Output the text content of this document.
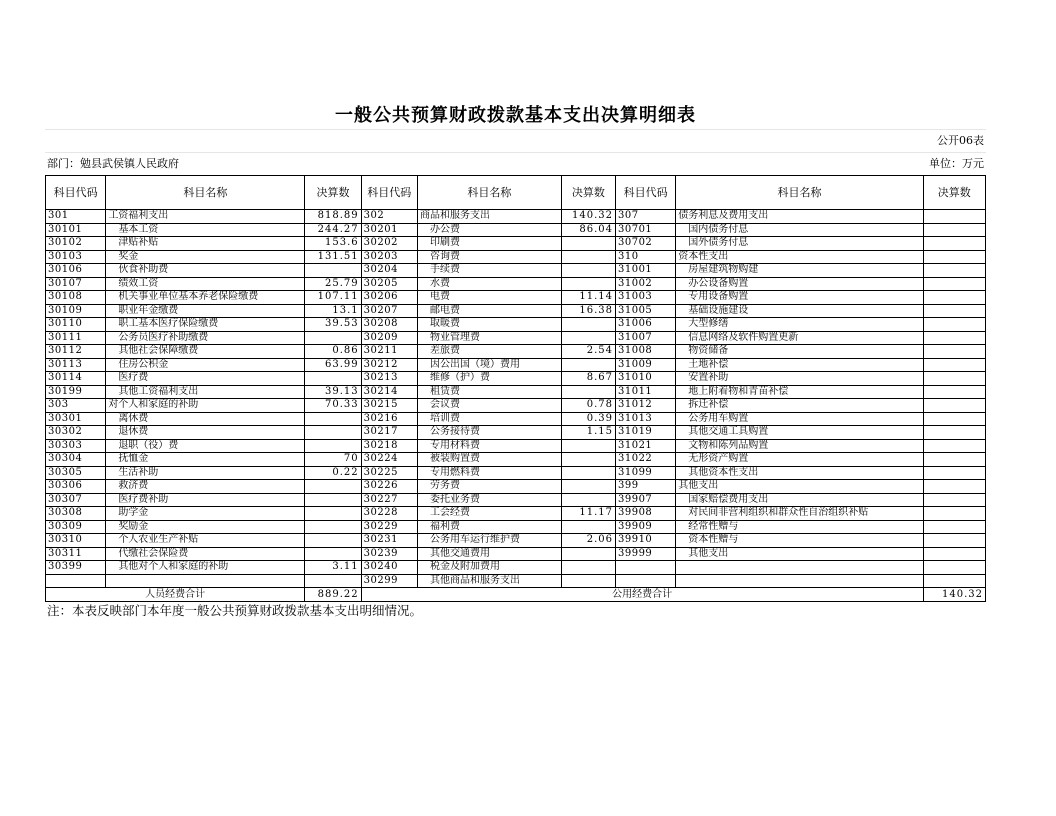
一般公共预算财政拨款基本支出决算明细表
公开06表
部门：勉县武侯镇人民政府	单位：万元
科目代码	科目名称	决算数	科目代码	科目名称	决算数	科目代码	科目名称	决算数
301	工资福利支出	818.89	302	商品和服务支出	140.32	307	债务利息及费用支出	
30101	基本工资	244.27	30201	办公费	86.04	30701	国内债务付息	
30102	津贴补贴	153.6	30202	印刷费		30702	国外债务付息	
30103	奖金	131.51	30203	咨询费		310	资本性支出	
30106	伙食补助费		30204	手续费		31001	房屋建筑物购建	
30107	绩效工资	25.79	30205	水费		31002	办公设备购置	
30108	机关事业单位基本养老保险缴费	107.11	30206	电费	11.14	31003	专用设备购置	
30109	职业年金缴费	13.1	30207	邮电费	16.38	31005	基础设施建设	
30110	职工基本医疗保险缴费	39.53	30208	取暖费		31006	大型修缮	
30111	公务员医疗补助缴费		30209	物业管理费		31007	信息网络及软件购置更新	
30112	其他社会保障缴费	0.86	30211	差旅费	2.54	31008	物资储备	
30113	住房公积金	63.99	30212	因公出国（境）费用		31009	土地补偿	
30114	医疗费		30213	维修（护）费	8.67	31010	安置补助	
30199	其他工资福利支出	39.13	30214	租赁费		31011	地上附着物和青苗补偿	
303	对个人和家庭的补助	70.33	30215	会议费	0.78	31012	拆迁补偿	
30301	离休费		30216	培训费	0.39	31013	公务用车购置	
30302	退休费		30217	公务接待费	1.15	31019	其他交通工具购置	
30303	退职（役）费		30218	专用材料费		31021	文物和陈列品购置	
30304	抚恤金	70	30224	被装购置费		31022	无形资产购置	
30305	生活补助	0.22	30225	专用燃料费		31099	其他资本性支出	
30306	救济费		30226	劳务费		399	其他支出	
30307	医疗费补助		30227	委托业务费		39907	国家赔偿费用支出	
30308	助学金		30228	工会经费	11.17	39908	对民间非营利组织和群众性自治组织补贴	
30309	奖励金		30229	福利费		39909	经常性赠与	
30310	个人农业生产补贴		30231	公务用车运行维护费	2.06	39910	资本性赠与	
30311	代缴社会保险费		30239	其他交通费用		39999	其他支出	
30399	其他对个人和家庭的补助	3.11	30240	税金及附加费用				
			30299	其他商品和服务支出				
人员经费合计		889.22	公用经费合计					140.32
注：本表反映部门本年度一般公共预算财政拨款基本支出明细情况。
